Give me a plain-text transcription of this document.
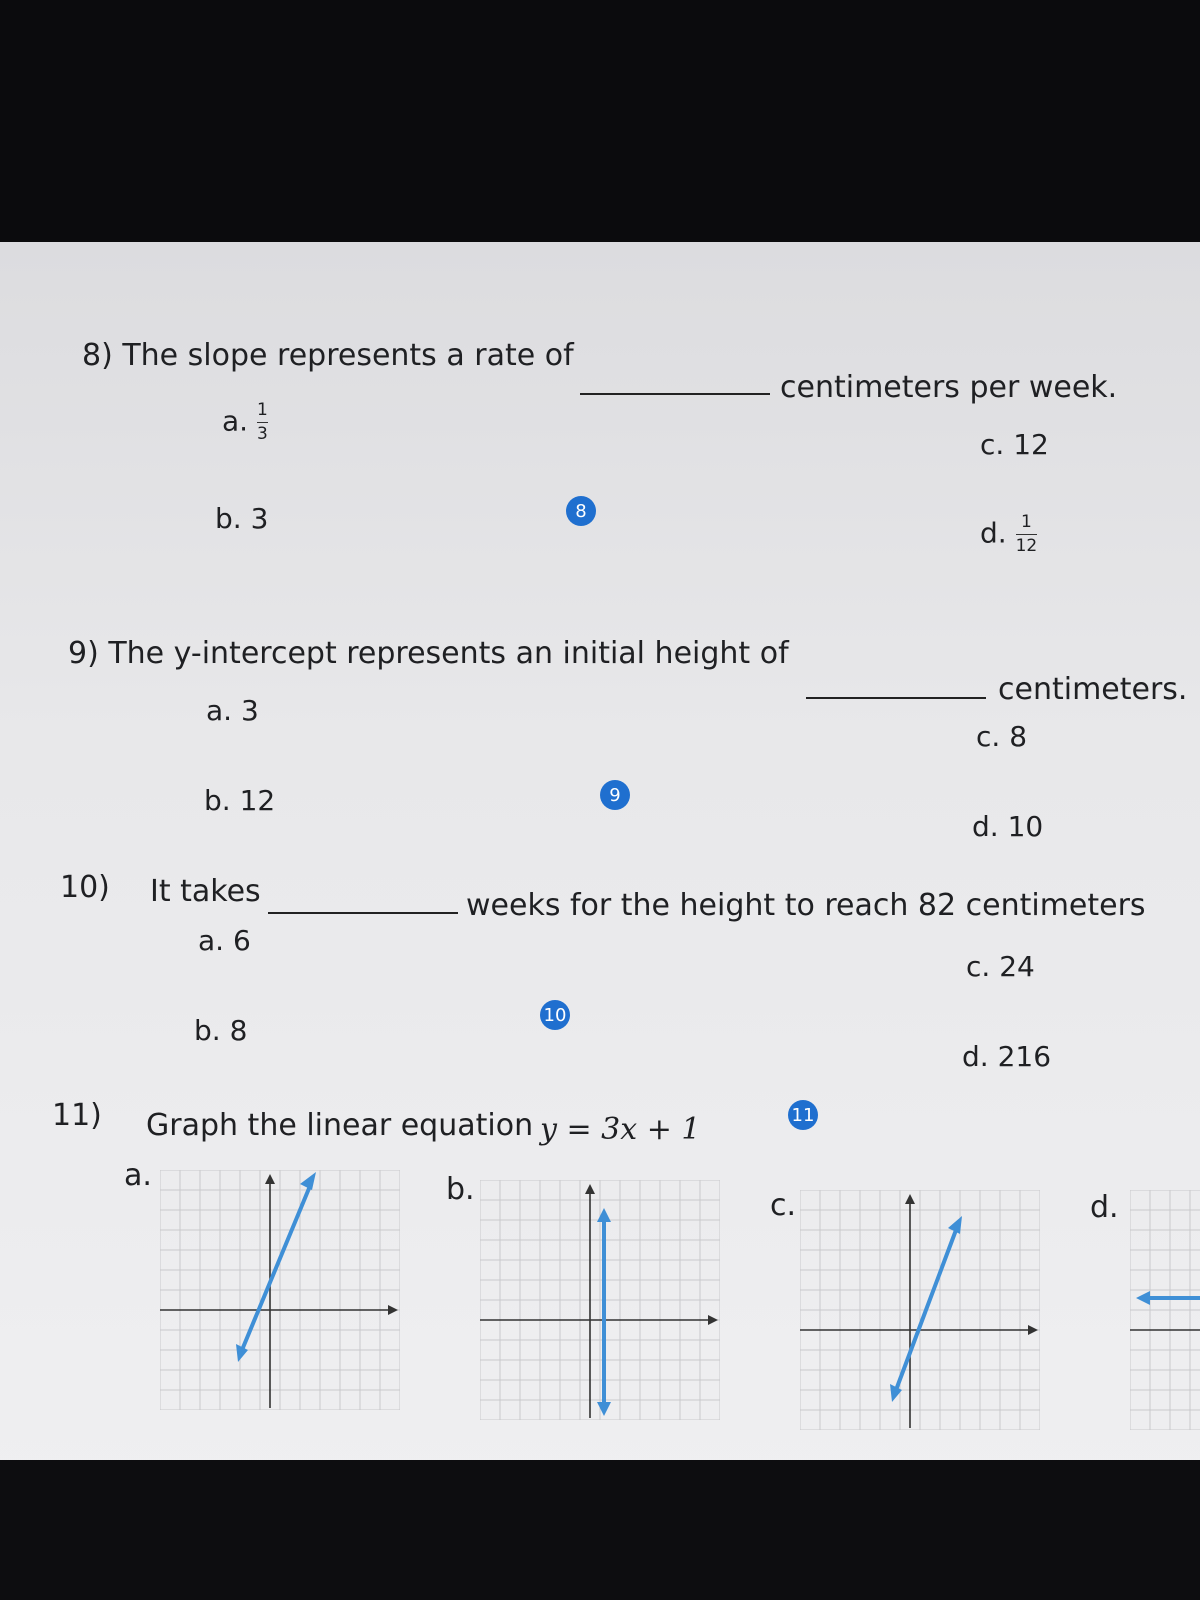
8) The slope represents a rate of
centimeters per week.
a. $\frac{1}{3}$
b. 3
c. 12
d. $\frac{1}{12}$
8
9) The y-intercept represents an initial height of
centimeters.
a. 3
b. 12
c. 8
d. 10
9
10) It takes	weeks for the height to reach 82 centimeters
a. 6
b. 8
c. 24
d. 216
10
11) Graph the linear equation y = 3x + 1	11
a.	b.	c.	d.
